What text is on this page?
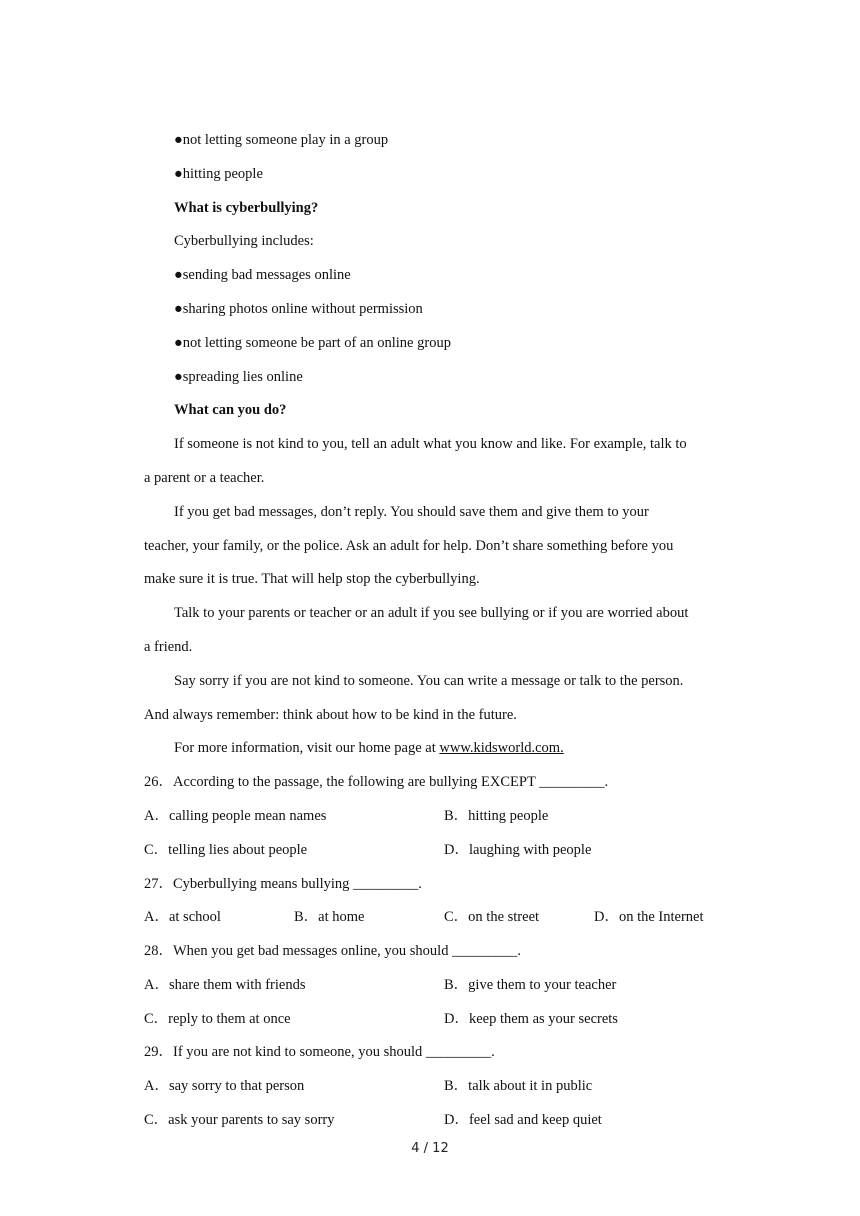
●not letting someone play in a group
●hitting people
What is cyberbullying?
Cyberbullying includes:
●sending bad messages online
●sharing photos online without permission
●not letting someone be part of an online group
●spreading lies online
What can you do?
If someone is not kind to you, tell an adult what you know and like. For example, talk to
a parent or a teacher.
If you get bad messages, don’t reply. You should save them and give them to your
teacher, your family, or the police. Ask an adult for help. Don’t share something before you
make sure it is true. That will help stop the cyberbullying.
Talk to your parents or teacher or an adult if you see bullying or if you are worried about
a friend.
Say sorry if you are not kind to someone. You can write a message or talk to the person.
And always remember: think about how to be kind in the future.
For more information, visit our home page at www.kidsworld.com.
26．According to the passage, the following are bullying EXCEPT _________.
A．calling people mean names	B．hitting people
C．telling lies about people	D．laughing with people
27．Cyberbullying means bullying _________.
A．at school	B．at home	C．on the street	D．on the Internet
28．When you get bad messages online, you should _________.
A．share them with friends	B．give them to your teacher
C．reply to them at once	D．keep them as your secrets
29．If you are not kind to someone, you should _________.
A．say sorry to that person	B．talk about it in public
C．ask your parents to say sorry	D．feel sad and keep quiet
4 / 12
